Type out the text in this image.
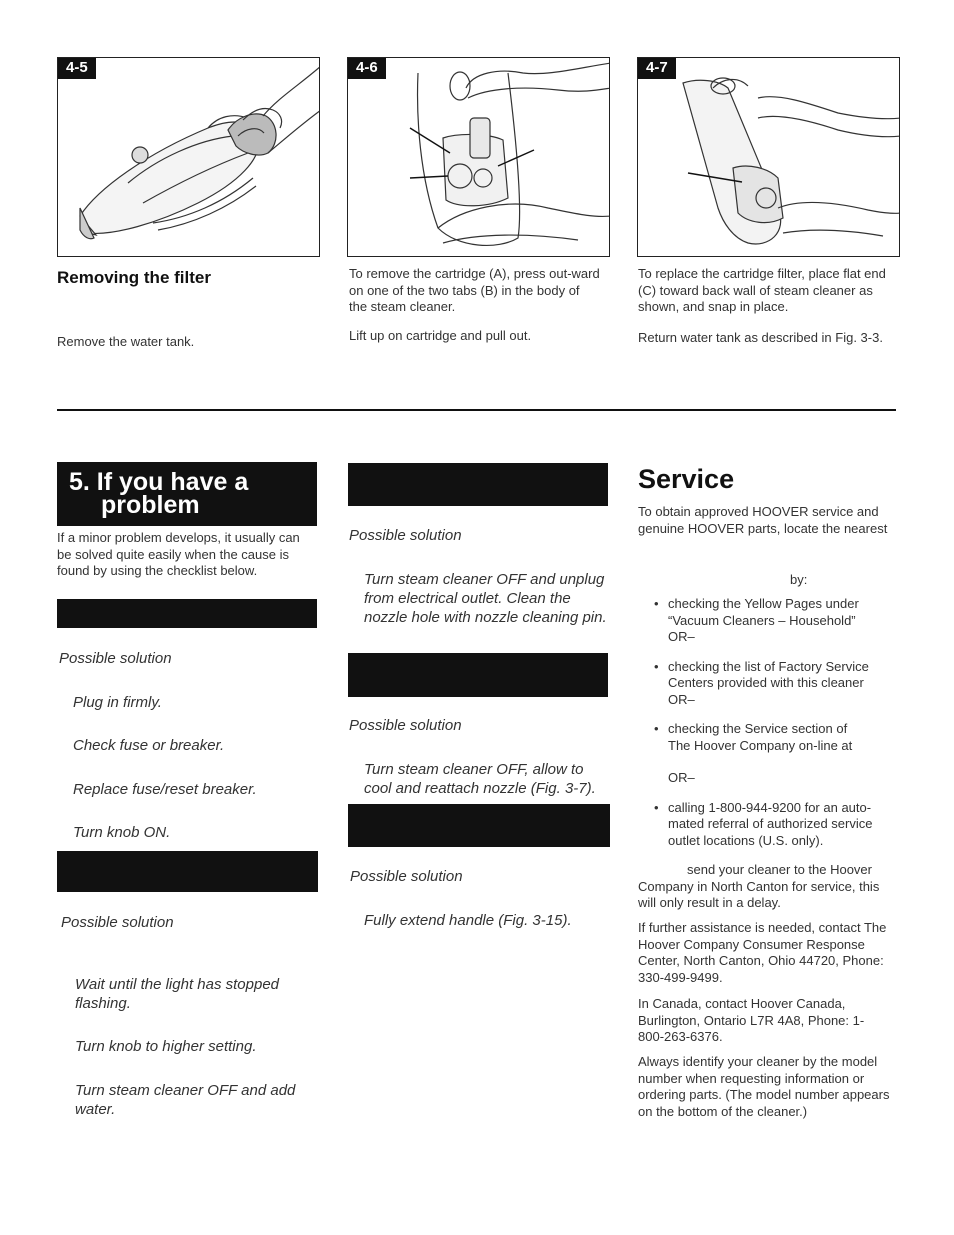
4-5	4-6	4-7
Removing the filter
Remove the water tank.
To remove the cartridge (A), press out-ward on one of the two tabs (B) in the body of the steam cleaner.
Lift up on cartridge and pull out.
To replace the cartridge filter, place flat end (C) toward back wall of steam cleaner as shown, and snap in place.
Return water tank as described in Fig. 3-3.
5. If you have a
problem
If a minor problem develops, it usually can be solved quite easily when the cause is found by using the checklist below.
Possible solution
Plug in firmly.
Check fuse or breaker.
Replace fuse/reset breaker.
Turn knob ON.
Possible solution
Wait until the light has stopped flashing.
Turn knob to higher setting.
Turn steam cleaner OFF and add water.
Possible solution
Turn steam cleaner OFF and unplug from electrical outlet. Clean the nozzle hole with nozzle cleaning pin.
Possible solution
Turn steam cleaner OFF, allow to cool and reattach nozzle (Fig. 3-7).
Possible solution
Fully extend handle (Fig. 3-15).
Service
To obtain approved HOOVER service and genuine HOOVER parts, locate the nearest
by:
• checking the Yellow Pages under
“Vacuum Cleaners – Household”
OR–
• checking the list of Factory Service
Centers provided with this cleaner
OR–
• checking the Service section of
The Hoover Company on-line at
OR–
• calling 1-800-944-9200 for an auto-
mated referral of authorized service
outlet locations (U.S. only).
send your cleaner to the Hoover Company in North Canton for service, this will only result in a delay.
If further assistance is needed, contact The Hoover Company Consumer Response Center, North Canton, Ohio 44720, Phone: 330-499-9499.
In Canada, contact Hoover Canada, Burlington, Ontario L7R 4A8, Phone: 1-800-263-6376.
Always identify your cleaner by the model number when requesting information or ordering parts. (The model number appears on the bottom of the cleaner.)
